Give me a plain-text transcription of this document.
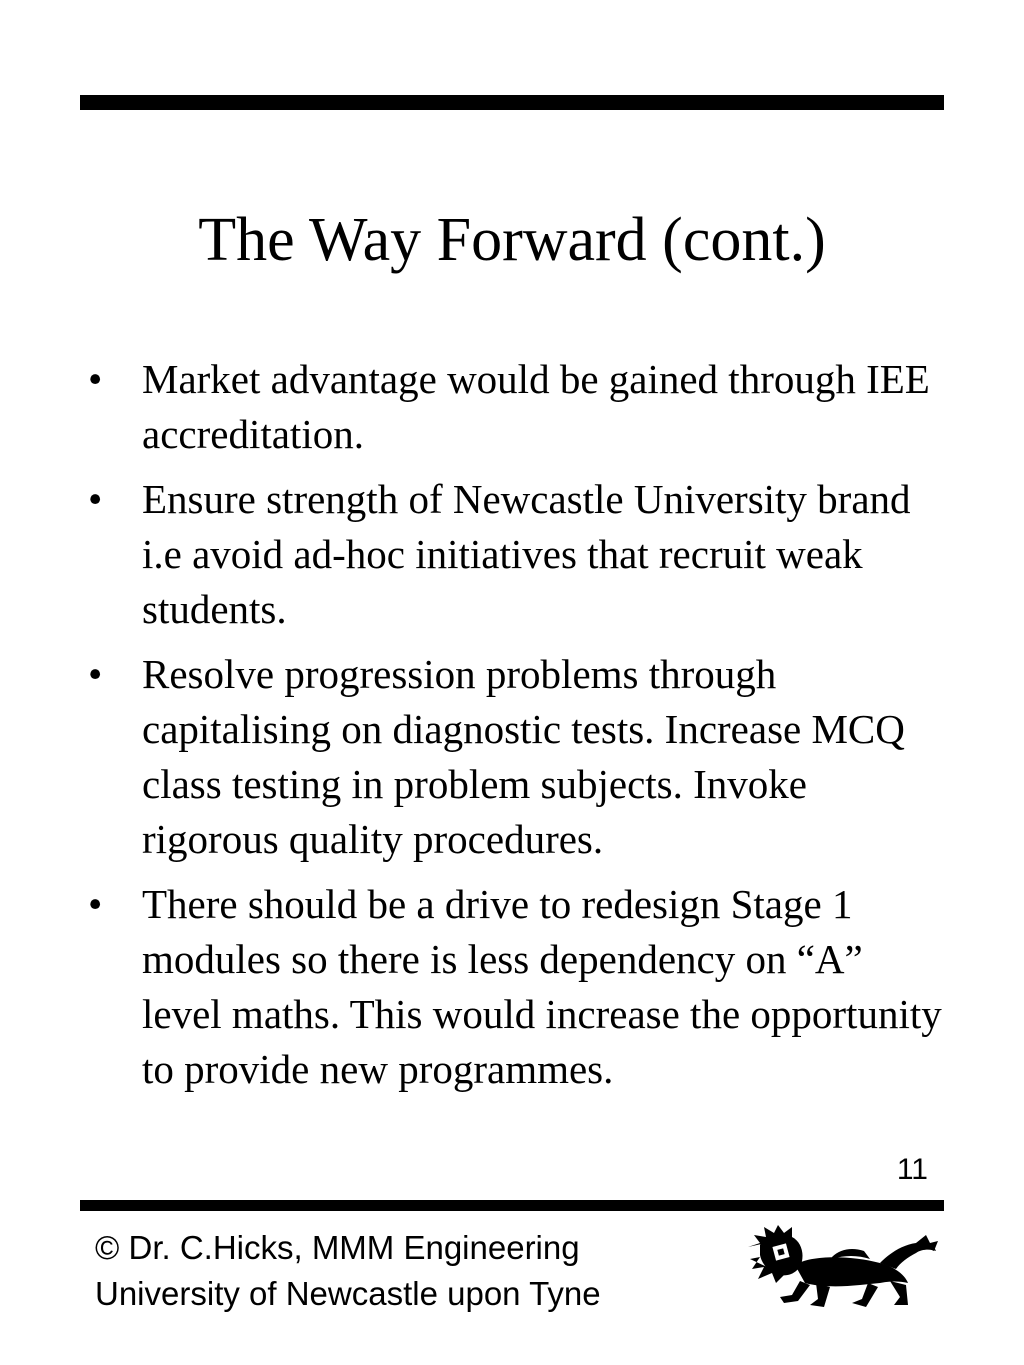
The Way Forward (cont.)
• Market advantage would be gained through IEE accreditation.
• Ensure strength of Newcastle University brand i.e avoid ad-hoc initiatives that recruit weak students.
• Resolve progression problems through capitalising on diagnostic tests. Increase MCQ class testing in problem subjects. Invoke rigorous quality procedures.
• There should be a drive to redesign Stage 1 modules so there is less dependency on “A” level maths. This would increase the opportunity to provide new programmes.
11
© Dr. C.Hicks, MMM Engineering
University of Newcastle upon Tyne
